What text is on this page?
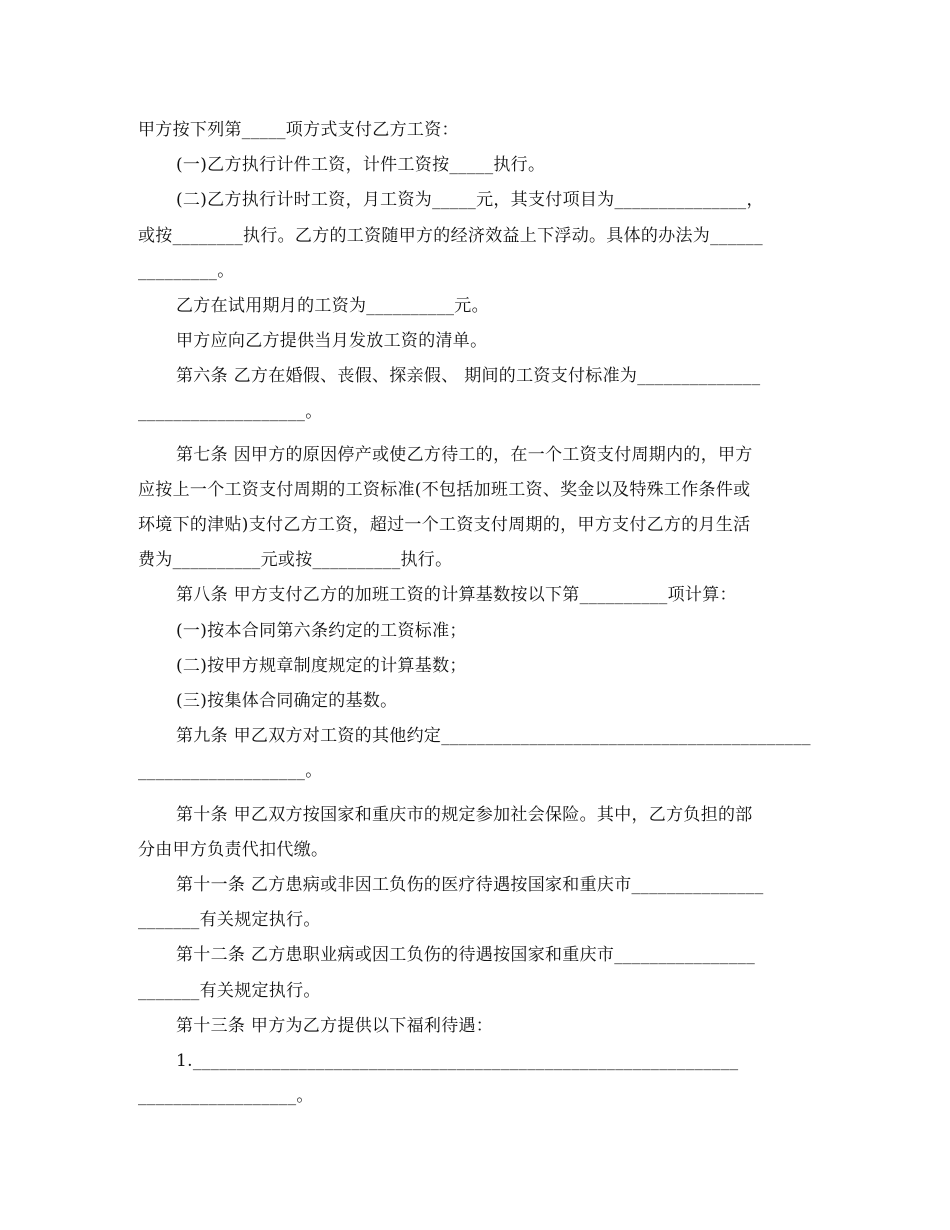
甲方按下列第_____项方式支付乙方工资：
(一)乙方执行计件工资，计件工资按_____执行。
(二)乙方执行计时工资，月工资为_____元，其支付项目为_______________，
或按________执行。乙方的工资随甲方的经济效益上下浮动。具体的办法为______
_________。
乙方在试用期月的工资为__________元。
甲方应向乙方提供当月发放工资的清单。
第六条 乙方在婚假、丧假、探亲假、 期间的工资支付标准为______________
___________________。
第七条 因甲方的原因停产或使乙方待工的，在一个工资支付周期内的，甲方
应按上一个工资支付周期的工资标准(不包括加班工资、奖金以及特殊工作条件或
环境下的津贴)支付乙方工资，超过一个工资支付周期的，甲方支付乙方的月生活
费为__________元或按__________执行。
第八条 甲方支付乙方的加班工资的计算基数按以下第__________项计算：
(一)按本合同第六条约定的工资标准；
(二)按甲方规章制度规定的计算基数；
(三)按集体合同确定的基数。
第九条 甲乙双方对工资的其他约定__________________________________________
___________________。
第十条 甲乙双方按国家和重庆市的规定参加社会保险。其中，乙方负担的部
分由甲方负责代扣代缴。
第十一条 乙方患病或非因工负伤的医疗待遇按国家和重庆市_______________
_______有关规定执行。
第十二条 乙方患职业病或因工负伤的待遇按国家和重庆市________________
_______有关规定执行。
第十三条 甲方为乙方提供以下福利待遇：
1.______________________________________________________________
__________________。
